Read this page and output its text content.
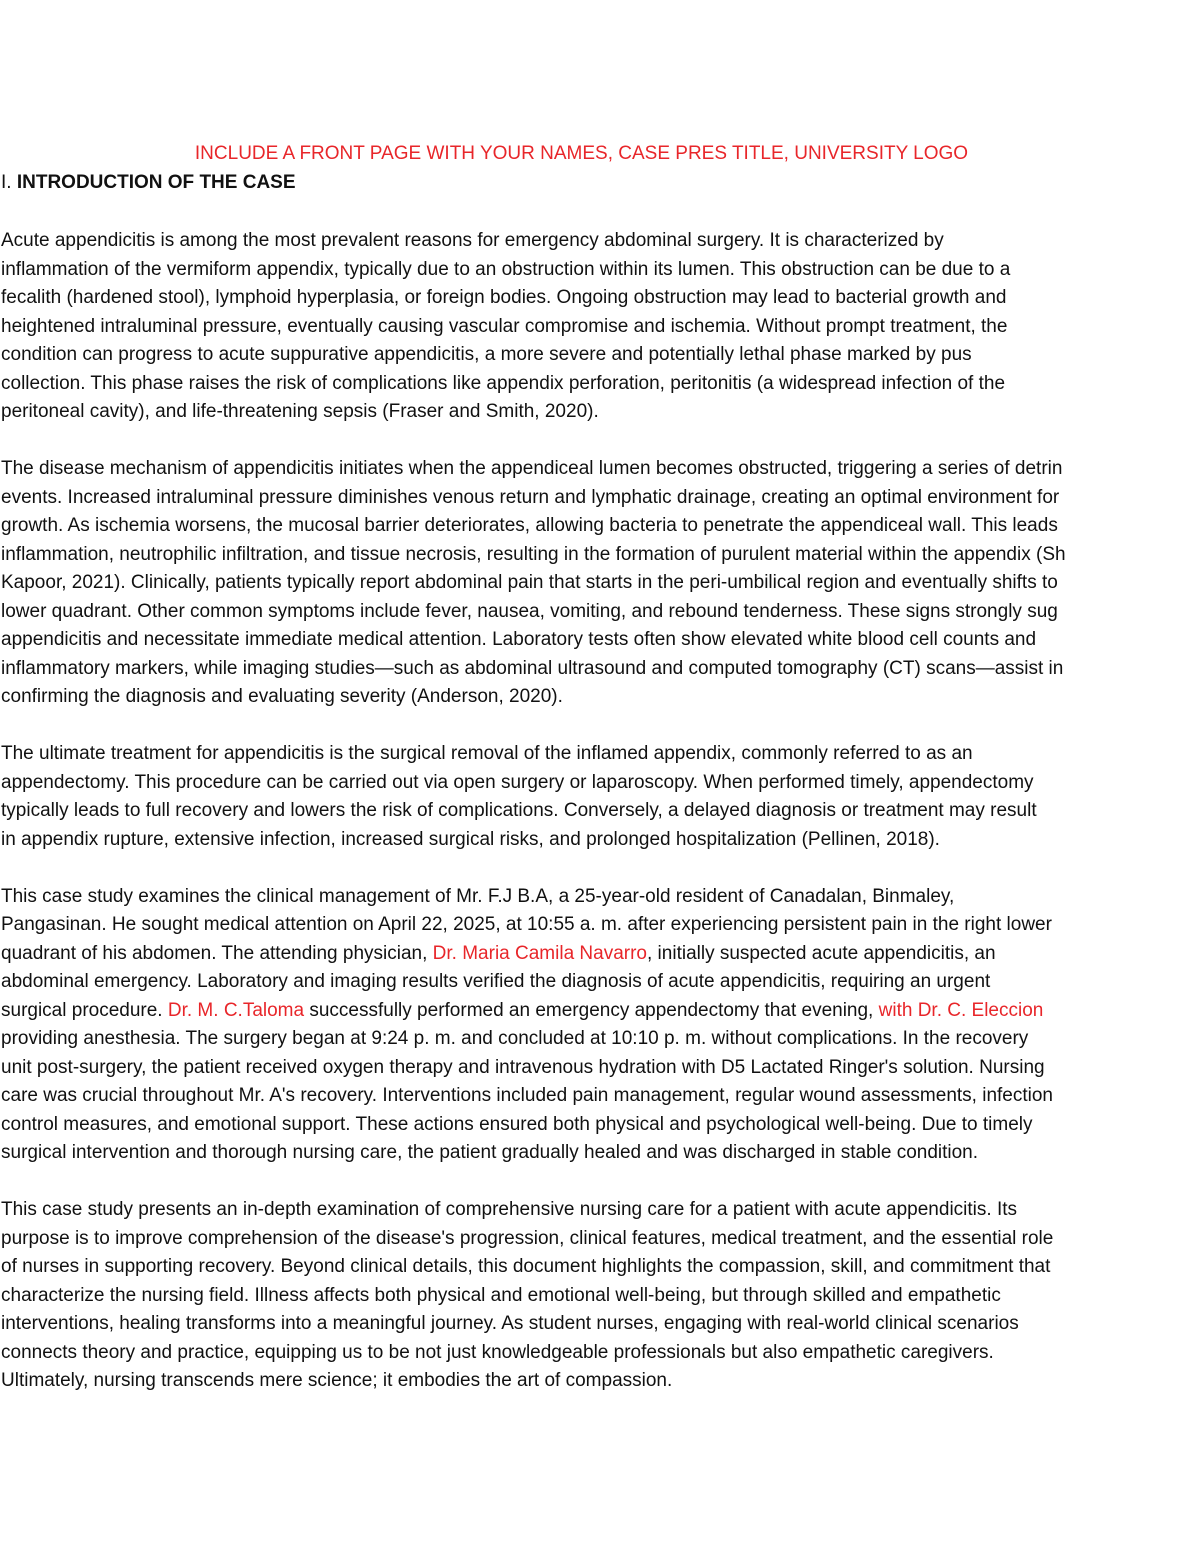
INCLUDE A FRONT PAGE WITH YOUR NAMES, CASE PRES TITLE, UNIVERSITY LOGO
I. INTRODUCTION OF THE CASE
Acute appendicitis is among the most prevalent reasons for emergency abdominal surgery. It is characterized by
inflammation of the vermiform appendix, typically due to an obstruction within its lumen. This obstruction can be due to a
fecalith (hardened stool), lymphoid hyperplasia, or foreign bodies. Ongoing obstruction may lead to bacterial growth and
heightened intraluminal pressure, eventually causing vascular compromise and ischemia. Without prompt treatment, the
condition can progress to acute suppurative appendicitis, a more severe and potentially lethal phase marked by pus
collection. This phase raises the risk of complications like appendix perforation, peritonitis (a widespread infection of the
peritoneal cavity), and life-threatening sepsis (Fraser and Smith, 2020).
The disease mechanism of appendicitis initiates when the appendiceal lumen becomes obstructed, triggering a series of detrin
events. Increased intraluminal pressure diminishes venous return and lymphatic drainage, creating an optimal environment for
growth. As ischemia worsens, the mucosal barrier deteriorates, allowing bacteria to penetrate the appendiceal wall. This leads
inflammation, neutrophilic infiltration, and tissue necrosis, resulting in the formation of purulent material within the appendix (Sh
Kapoor, 2021). Clinically, patients typically report abdominal pain that starts in the peri-umbilical region and eventually shifts to
lower quadrant. Other common symptoms include fever, nausea, vomiting, and rebound tenderness. These signs strongly sug
appendicitis and necessitate immediate medical attention. Laboratory tests often show elevated white blood cell counts and
inflammatory markers, while imaging studies—such as abdominal ultrasound and computed tomography (CT) scans—assist in
confirming the diagnosis and evaluating severity (Anderson, 2020).
The ultimate treatment for appendicitis is the surgical removal of the inflamed appendix, commonly referred to as an
appendectomy. This procedure can be carried out via open surgery or laparoscopy. When performed timely, appendectomy
typically leads to full recovery and lowers the risk of complications. Conversely, a delayed diagnosis or treatment may result
in appendix rupture, extensive infection, increased surgical risks, and prolonged hospitalization (Pellinen, 2018).
This case study examines the clinical management of Mr. F.J B.A, a 25-year-old resident of Canadalan, Binmaley,
Pangasinan. He sought medical attention on April 22, 2025, at 10:55 a. m. after experiencing persistent pain in the right lower
quadrant of his abdomen. The attending physician, Dr. Maria Camila Navarro, initially suspected acute appendicitis, an
abdominal emergency. Laboratory and imaging results verified the diagnosis of acute appendicitis, requiring an urgent
surgical procedure. Dr. M. C.Taloma successfully performed an emergency appendectomy that evening, with Dr. C. Eleccion
providing anesthesia. The surgery began at 9:24 p. m. and concluded at 10:10 p. m. without complications. In the recovery
unit post-surgery, the patient received oxygen therapy and intravenous hydration with D5 Lactated Ringer's solution. Nursing
care was crucial throughout Mr. A's recovery. Interventions included pain management, regular wound assessments, infection
control measures, and emotional support. These actions ensured both physical and psychological well-being. Due to timely
surgical intervention and thorough nursing care, the patient gradually healed and was discharged in stable condition.
This case study presents an in-depth examination of comprehensive nursing care for a patient with acute appendicitis. Its
purpose is to improve comprehension of the disease's progression, clinical features, medical treatment, and the essential role
of nurses in supporting recovery. Beyond clinical details, this document highlights the compassion, skill, and commitment that
characterize the nursing field. Illness affects both physical and emotional well-being, but through skilled and empathetic
interventions, healing transforms into a meaningful journey. As student nurses, engaging with real-world clinical scenarios
connects theory and practice, equipping us to be not just knowledgeable professionals but also empathetic caregivers.
Ultimately, nursing transcends mere science; it embodies the art of compassion.
